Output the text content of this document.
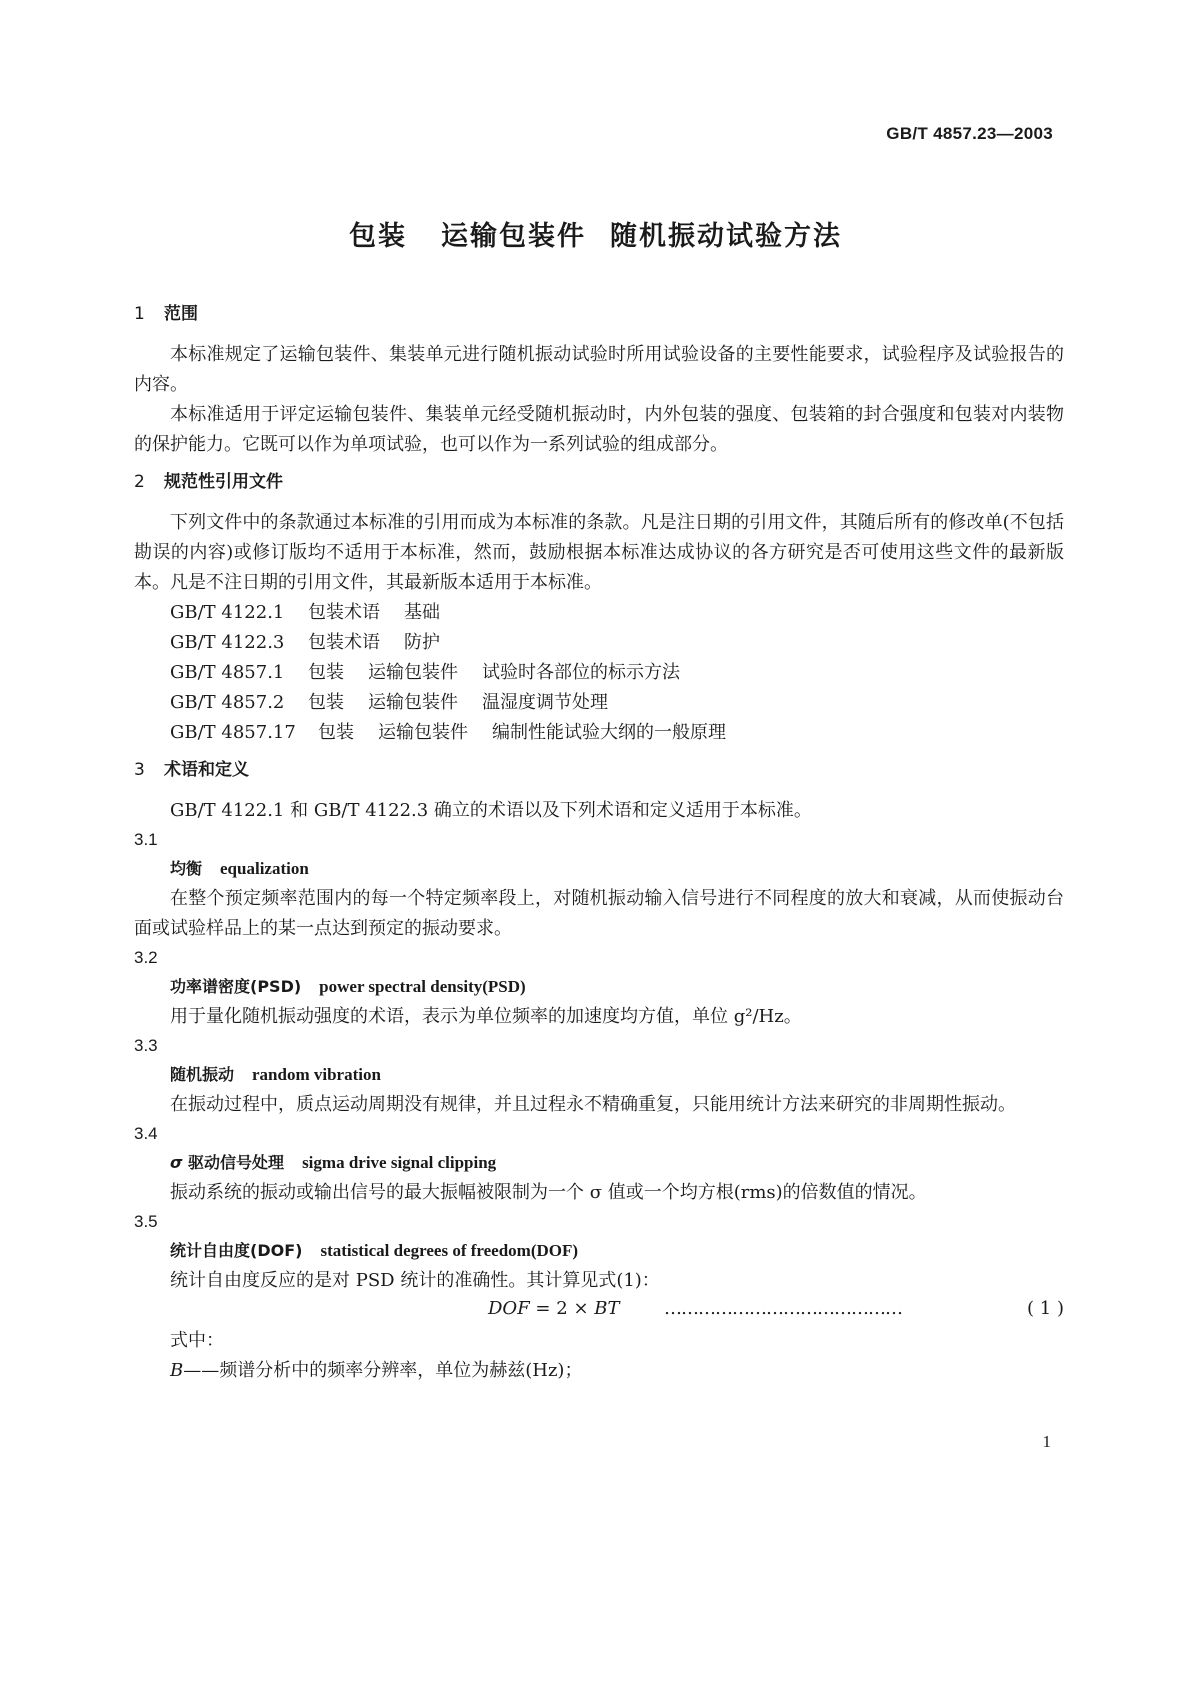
GB/T 4857.23—2003
包装 运输包装件 随机振动试验方法

1 范围

本标准规定了运输包装件、集装单元进行随机振动试验时所用试验设备的主要性能要求，试验程序及试验报告的内容。

本标准适用于评定运输包装件、集装单元经受随机振动时，内外包装的强度、包装箱的封合强度和包装对内装物的保护能力。它既可以作为单项试验，也可以作为一系列试验的组成部分。

2 规范性引用文件

下列文件中的条款通过本标准的引用而成为本标准的条款。凡是注日期的引用文件，其随后所有的修改单(不包括勘误的内容)或修订版均不适用于本标准，然而，鼓励根据本标准达成协议的各方研究是否可使用这些文件的最新版本。凡是不注日期的引用文件，其最新版本适用于本标准。

GB/T 4122.1 包装术语 基础

GB/T 4122.3 包装术语 防护

GB/T 4857.1 包装 运输包装件 试验时各部位的标示方法

GB/T 4857.2 包装 运输包装件 温湿度调节处理

GB/T 4857.17 包装 运输包装件 编制性能试验大纲的一般原理

3 术语和定义

GB/T 4122.1 和 GB/T 4122.3 确立的术语以及下列术语和定义适用于本标准。

3.1

均衡 equalization

在整个预定频率范围内的每一个特定频率段上，对随机振动输入信号进行不同程度的放大和衰减，从而使振动台面或试验样品上的某一点达到预定的振动要求。

3.2

功率谱密度(PSD) power spectral density(PSD)

用于量化随机振动强度的术语，表示为单位频率的加速度均方值，单位 g²/Hz。

3.3

随机振动 random vibration

在振动过程中，质点运动周期没有规律，并且过程永不精确重复，只能用统计方法来研究的非周期性振动。

3.4

σ 驱动信号处理 sigma drive signal clipping

振动系统的振动或输出信号的最大振幅被限制为一个 σ 值或一个均方根(rms)的倍数值的情况。

3.5

统计自由度(DOF) statistical degrees of freedom(DOF)

统计自由度反应的是对 PSD 统计的准确性。其计算见式(1)：

DOF = 2 × BT ……………………………………	( 1 )

式中：

B——频谱分析中的频率分辨率，单位为赫兹(Hz)；

1
